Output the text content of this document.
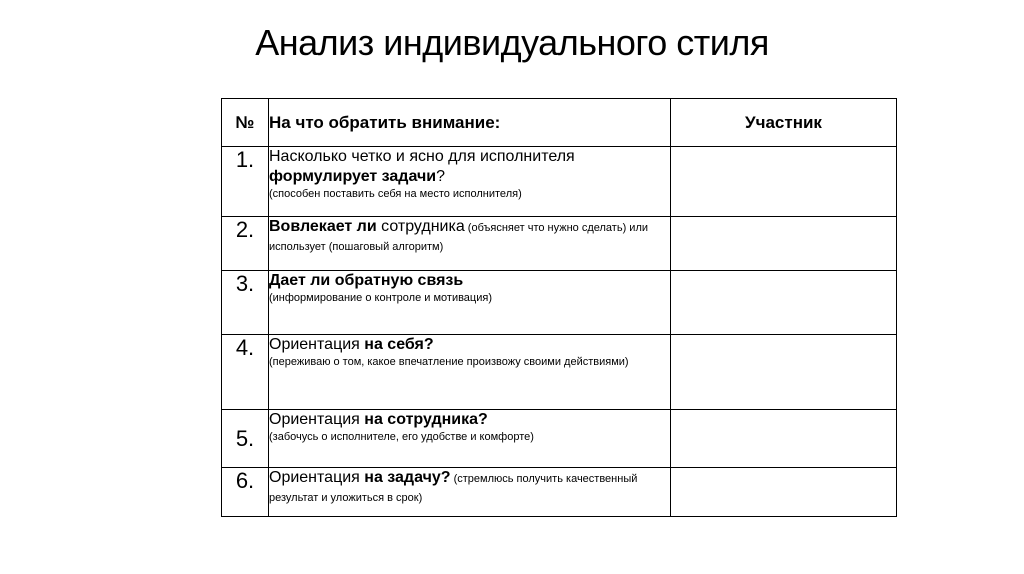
Анализ индивидуального стиля
№	На что обратить внимание:	Участник
1.	Насколько четко и ясно для исполнителя
формулирует задачи?
(способен поставить себя на место исполнителя)	

2.	Вовлекает ли сотрудника (объясняет что нужно сделать) или использует (пошаговый алгоритм)	
3.	Дает ли обратную связь
(информирование о контроле и мотивация)	

4.	Ориентация на себя?
(переживаю о том, какое впечатление произвожу своими действиями)	

5.	Ориентация на сотрудника?
(забочусь о исполнителе, его удобстве и комфорте)	

6.	Ориентация на задачу? (стремлюсь получить качественный результат и уложиться в срок)	
